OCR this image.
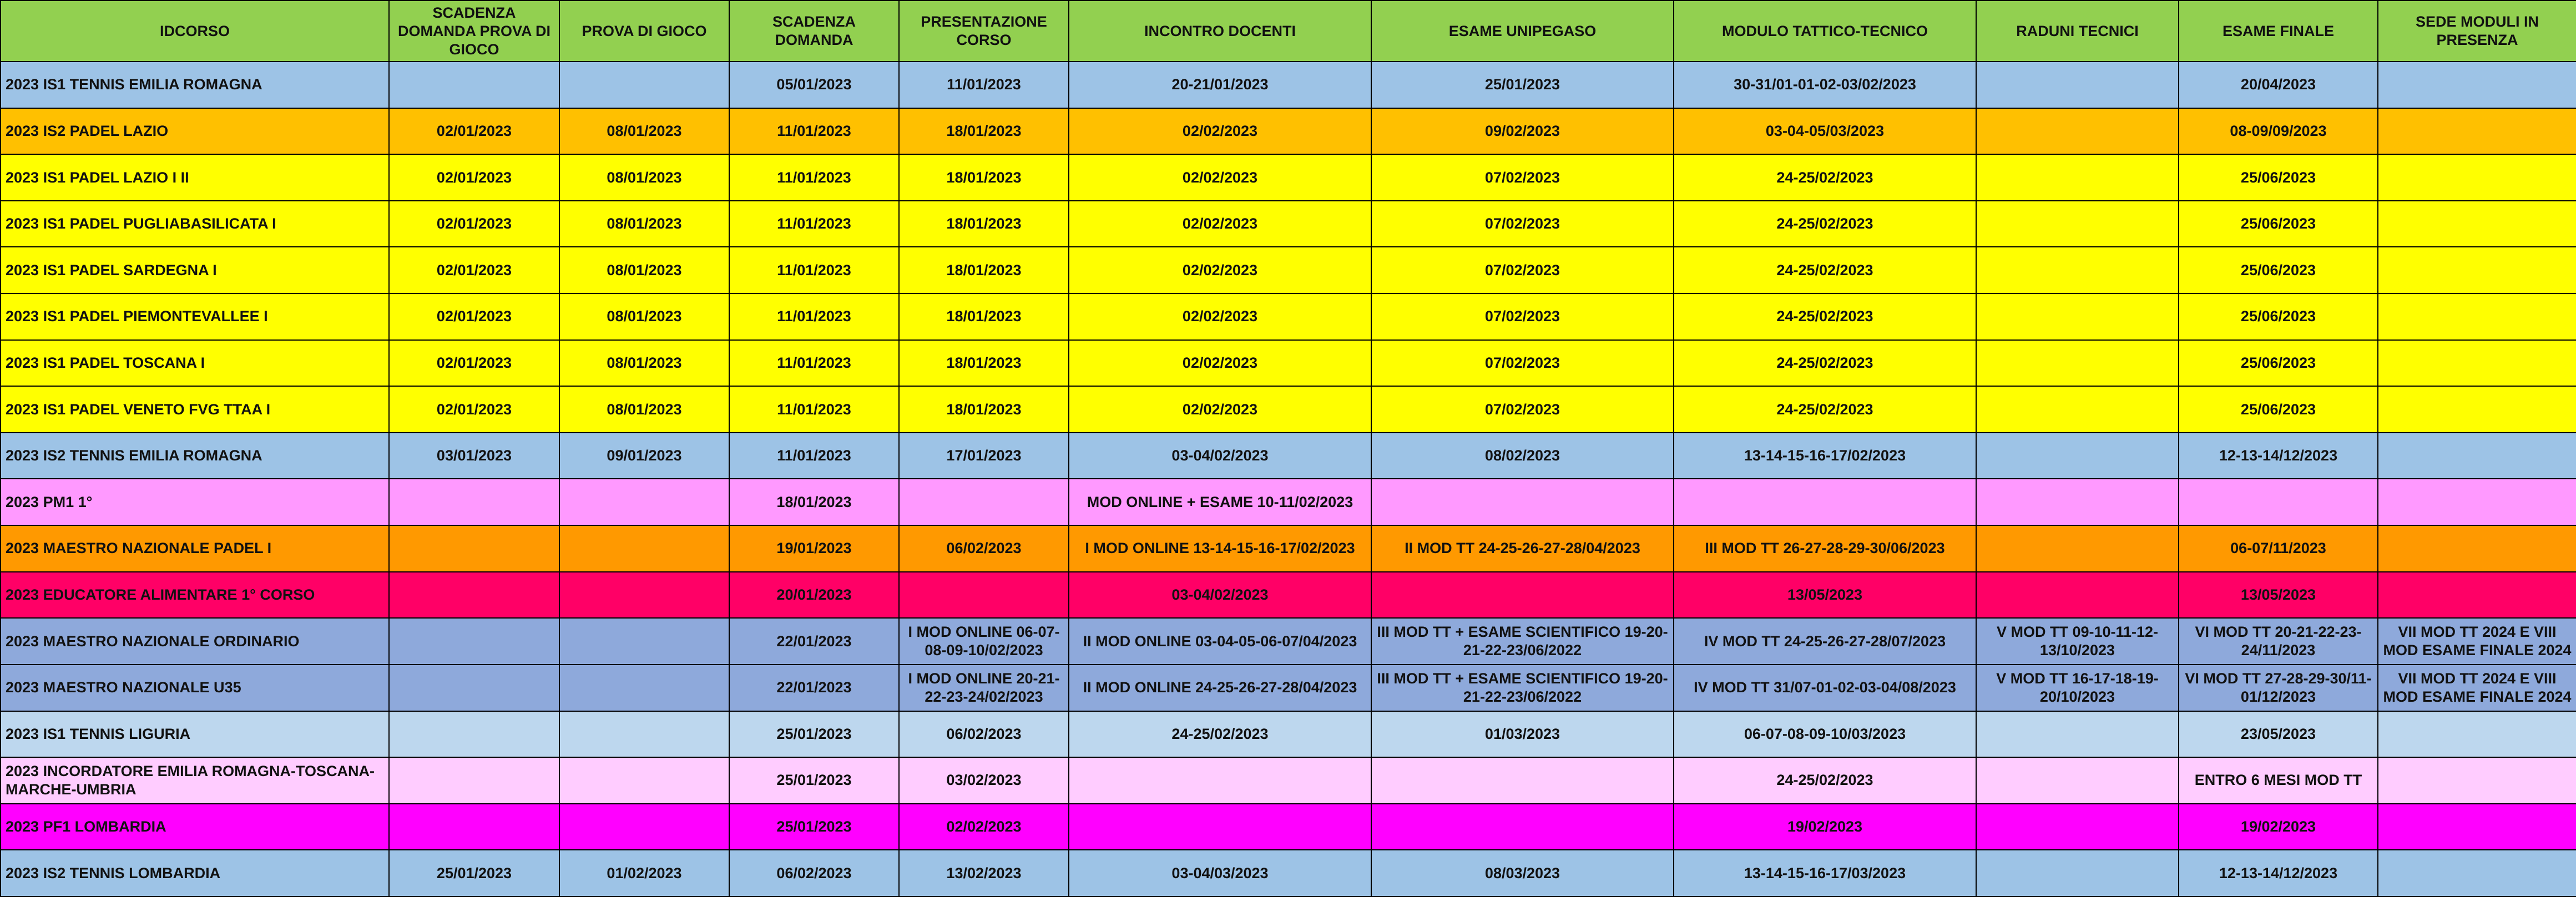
IDCORSO	SCADENZA DOMANDA PROVA DI GIOCO	PROVA DI GIOCO	SCADENZA DOMANDA	PRESENTAZIONE CORSO	INCONTRO DOCENTI	ESAME UNIPEGASO	MODULO TATTICO-TECNICO	RADUNI TECNICI	ESAME FINALE	SEDE MODULI IN PRESENZA
2023 IS1 TENNIS EMILIA ROMAGNA			05/01/2023	11/01/2023	20-21/01/2023	25/01/2023	30-31/01-01-02-03/02/2023		20/04/2023	
2023 IS2 PADEL LAZIO	02/01/2023	08/01/2023	11/01/2023	18/01/2023	02/02/2023	09/02/2023	03-04-05/03/2023		08-09/09/2023	
2023 IS1 PADEL LAZIO I II	02/01/2023	08/01/2023	11/01/2023	18/01/2023	02/02/2023	07/02/2023	24-25/02/2023		25/06/2023	
2023 IS1 PADEL PUGLIABASILICATA I	02/01/2023	08/01/2023	11/01/2023	18/01/2023	02/02/2023	07/02/2023	24-25/02/2023		25/06/2023	
2023 IS1 PADEL SARDEGNA I	02/01/2023	08/01/2023	11/01/2023	18/01/2023	02/02/2023	07/02/2023	24-25/02/2023		25/06/2023	
2023 IS1 PADEL PIEMONTEVALLEE I	02/01/2023	08/01/2023	11/01/2023	18/01/2023	02/02/2023	07/02/2023	24-25/02/2023		25/06/2023	
2023 IS1 PADEL TOSCANA I	02/01/2023	08/01/2023	11/01/2023	18/01/2023	02/02/2023	07/02/2023	24-25/02/2023		25/06/2023	
2023 IS1 PADEL VENETO FVG TTAA I	02/01/2023	08/01/2023	11/01/2023	18/01/2023	02/02/2023	07/02/2023	24-25/02/2023		25/06/2023	
2023 IS2 TENNIS EMILIA ROMAGNA	03/01/2023	09/01/2023	11/01/2023	17/01/2023	03-04/02/2023	08/02/2023	13-14-15-16-17/02/2023		12-13-14/12/2023	
2023 PM1 1°			18/01/2023		MOD ONLINE + ESAME 10-11/02/2023					
2023 MAESTRO NAZIONALE PADEL I			19/01/2023	06/02/2023	I MOD ONLINE 13-14-15-16-17/02/2023	II MOD TT 24-25-26-27-28/04/2023	III MOD TT 26-27-28-29-30/06/2023		06-07/11/2023	
2023 EDUCATORE ALIMENTARE 1° CORSO			20/01/2023		03-04/02/2023		13/05/2023		13/05/2023	
2023 MAESTRO NAZIONALE ORDINARIO			22/01/2023	I MOD ONLINE 06-07-08-09-10/02/2023	II MOD ONLINE 03-04-05-06-07/04/2023	III MOD TT + ESAME SCIENTIFICO 19-20-21-22-23/06/2022	IV MOD TT 24-25-26-27-28/07/2023	V MOD TT 09-10-11-12-13/10/2023	VI MOD TT 20-21-22-23-24/11/2023	VII MOD TT 2024 E VIII MOD ESAME FINALE 2024
2023 MAESTRO NAZIONALE U35			22/01/2023	I MOD ONLINE 20-21-22-23-24/02/2023	II MOD ONLINE 24-25-26-27-28/04/2023	III MOD TT + ESAME SCIENTIFICO 19-20-21-22-23/06/2022	IV MOD TT 31/07-01-02-03-04/08/2023	V MOD TT 16-17-18-19-20/10/2023	VI MOD TT 27-28-29-30/11-01/12/2023	VII MOD TT 2024 E VIII MOD ESAME FINALE 2024
2023 IS1 TENNIS LIGURIA			25/01/2023	06/02/2023	24-25/02/2023	01/03/2023	06-07-08-09-10/03/2023		23/05/2023	
2023 INCORDATORE EMILIA ROMAGNA-TOSCANA-MARCHE-UMBRIA			25/01/2023	03/02/2023			24-25/02/2023		ENTRO 6 MESI MOD TT	
2023 PF1 LOMBARDIA			25/01/2023	02/02/2023			19/02/2023		19/02/2023	
2023 IS2 TENNIS LOMBARDIA	25/01/2023	01/02/2023	06/02/2023	13/02/2023	03-04/03/2023	08/03/2023	13-14-15-16-17/03/2023		12-13-14/12/2023	
